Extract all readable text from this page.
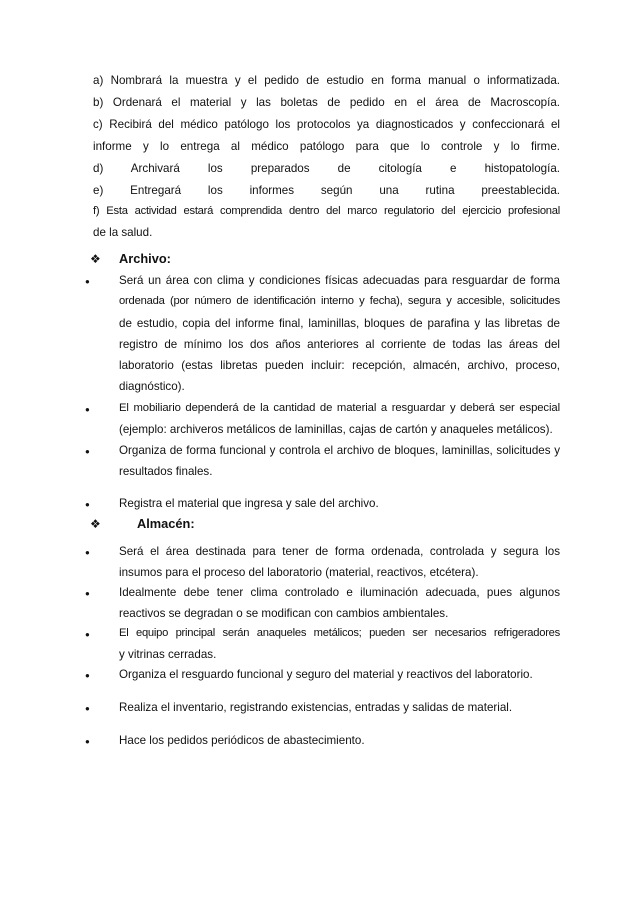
a) Nombrará la muestra y el pedido de estudio en forma manual o informatizada.
b) Ordenará el material y las boletas de pedido en el área de Macroscopía.
c) Recibirá del médico patólogo los protocolos ya diagnosticados y confeccionará el
informe y lo entrega al médico patólogo para que lo controle y lo firme.
d) Archivará los preparados de citología e histopatología.
e) Entregará los informes según una rutina preestablecida.
f) Esta actividad estará comprendida dentro del marco regulatorio del ejercicio profesional
de la salud.
❖ Archivo:
●	Será un área con clima y condiciones físicas adecuadas para resguardar de forma
ordenada (por número de identificación interno y fecha), segura y accesible, solicitudes
de estudio, copia del informe final, laminillas, bloques de parafina y las libretas de
registro de mínimo los dos años anteriores al corriente de todas las áreas del
laboratorio (estas libretas pueden incluir: recepción, almacén, archivo, proceso,
diagnóstico).
●	El mobiliario dependerá de la cantidad de material a resguardar y deberá ser especial
(ejemplo: archiveros metálicos de laminillas, cajas de cartón y anaqueles metálicos).
●	Organiza de forma funcional y controla el archivo de bloques, laminillas, solicitudes y
resultados finales.
●	Registra el material que ingresa y sale del archivo.
❖	Almacén:
●	Será el área destinada para tener de forma ordenada, controlada y segura los
insumos para el proceso del laboratorio (material, reactivos, etcétera).
●	Idealmente debe tener clima controlado e iluminación adecuada, pues algunos
reactivos se degradan o se modifican con cambios ambientales.
●	El equipo principal serán anaqueles metálicos; pueden ser necesarios refrigeradores
y vitrinas cerradas.
●	Organiza el resguardo funcional y seguro del material y reactivos del laboratorio.
●	Realiza el inventario, registrando existencias, entradas y salidas de material.
●	Hace los pedidos periódicos de abastecimiento.
